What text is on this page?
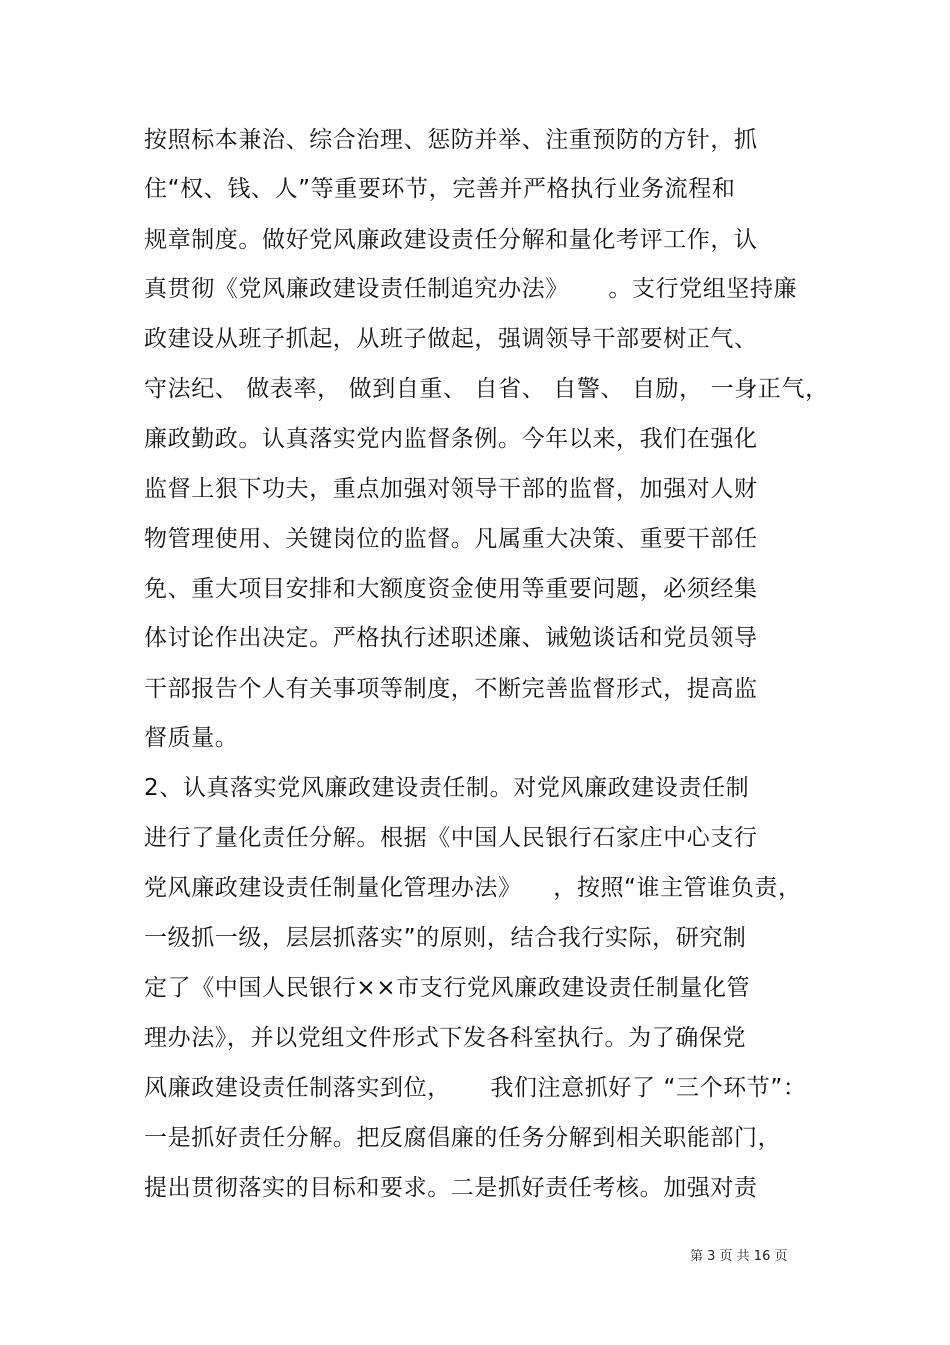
按照标本兼治、综合治理、惩防并举、注重预防的方针，抓

住“权、钱、人”等重要环节，完善并严格执行业务流程和

规章制度。做好党风廉政建设责任分解和量化考评工作，认

真贯彻《党风廉政建设责任制追究办法》     。支行党组坚持廉

政建设从班子抓起，从班子做起，强调领导干部要树正气、

守法纪、 做表率， 做到自重、 自省、 自警、 自励， 一身正气，

廉政勤政。认真落实党内监督条例。今年以来，我们在强化

监督上狠下功夫，重点加强对领导干部的监督，加强对人财

物管理使用、关键岗位的监督。凡属重大决策、重要干部任

免、重大项目安排和大额度资金使用等重要问题，必须经集

体讨论作出决定。严格执行述职述廉、诫勉谈话和党员领导

干部报告个人有关事项等制度，不断完善监督形式，提高监

督质量。

2、认真落实党风廉政建设责任制。对党风廉政建设责任制

进行了量化责任分解。根据《中国人民银行石家庄中心支行

党风廉政建设责任制量化管理办法》    ，按照“谁主管谁负责，

一级抓一级，层层抓落实”的原则，结合我行实际，研究制

定了《中国人民银行××市支行党风廉政建设责任制量化管

理办法》，并以党组文件形式下发各科室执行。为了确保党

风廉政建设责任制落实到位，     我们注意抓好了 “三个环节”：

一是抓好责任分解。把反腐倡廉的任务分解到相关职能部门，

提出贯彻落实的目标和要求。二是抓好责任考核。加强对责

第 3 页 共 16 页
